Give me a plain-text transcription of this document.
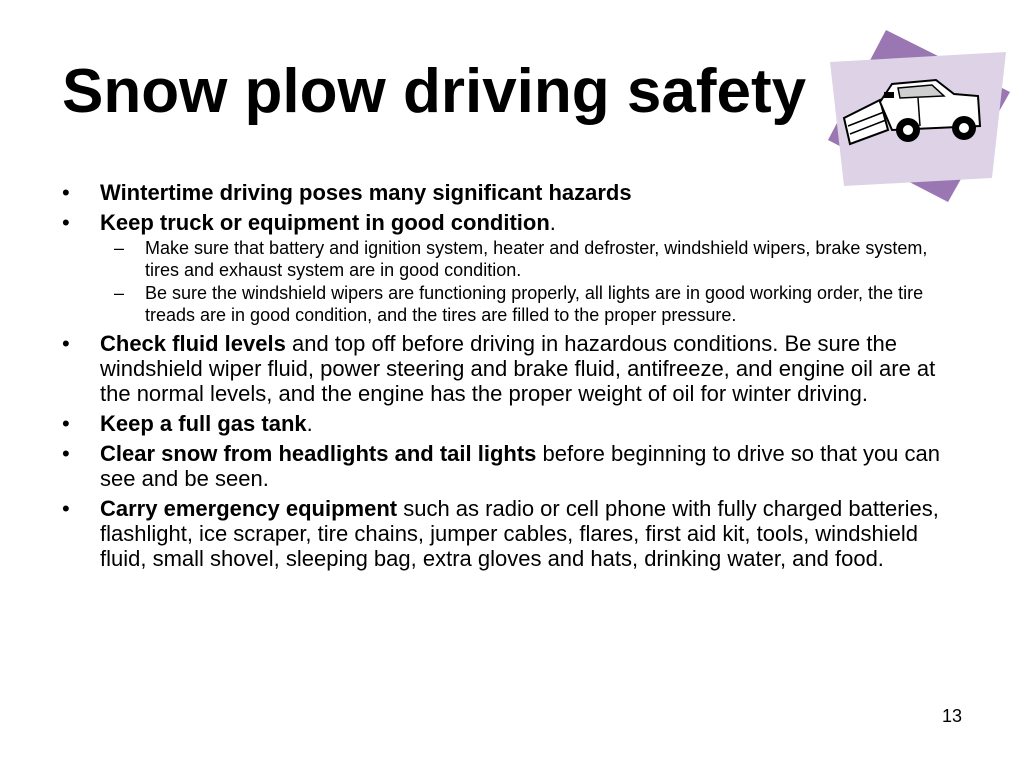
Snow plow driving safety
•	Wintertime driving poses many significant hazards
•	Keep truck or equipment in good condition.
– Make sure that battery and ignition system, heater and defroster, windshield wipers, brake system, tires and exhaust system are in good condition.
– Be sure the windshield wipers are functioning properly, all lights are in good working order, the tire treads are in good condition, and the tires are filled to the proper pressure.
•	Check fluid levels and top off before driving in hazardous conditions. Be sure the windshield wiper fluid, power steering and brake fluid, antifreeze, and engine oil are at the normal levels, and the engine has the proper weight of oil for winter driving.
•	Keep a full gas tank.
•	Clear snow from headlights and tail lights before beginning to drive so that you can see and be seen.
•	Carry emergency equipment such as radio or cell phone with fully charged batteries, flashlight, ice scraper, tire chains, jumper cables, flares, first aid kit, tools, windshield fluid, small shovel, sleeping bag, extra gloves and hats, drinking water, and food.
13
